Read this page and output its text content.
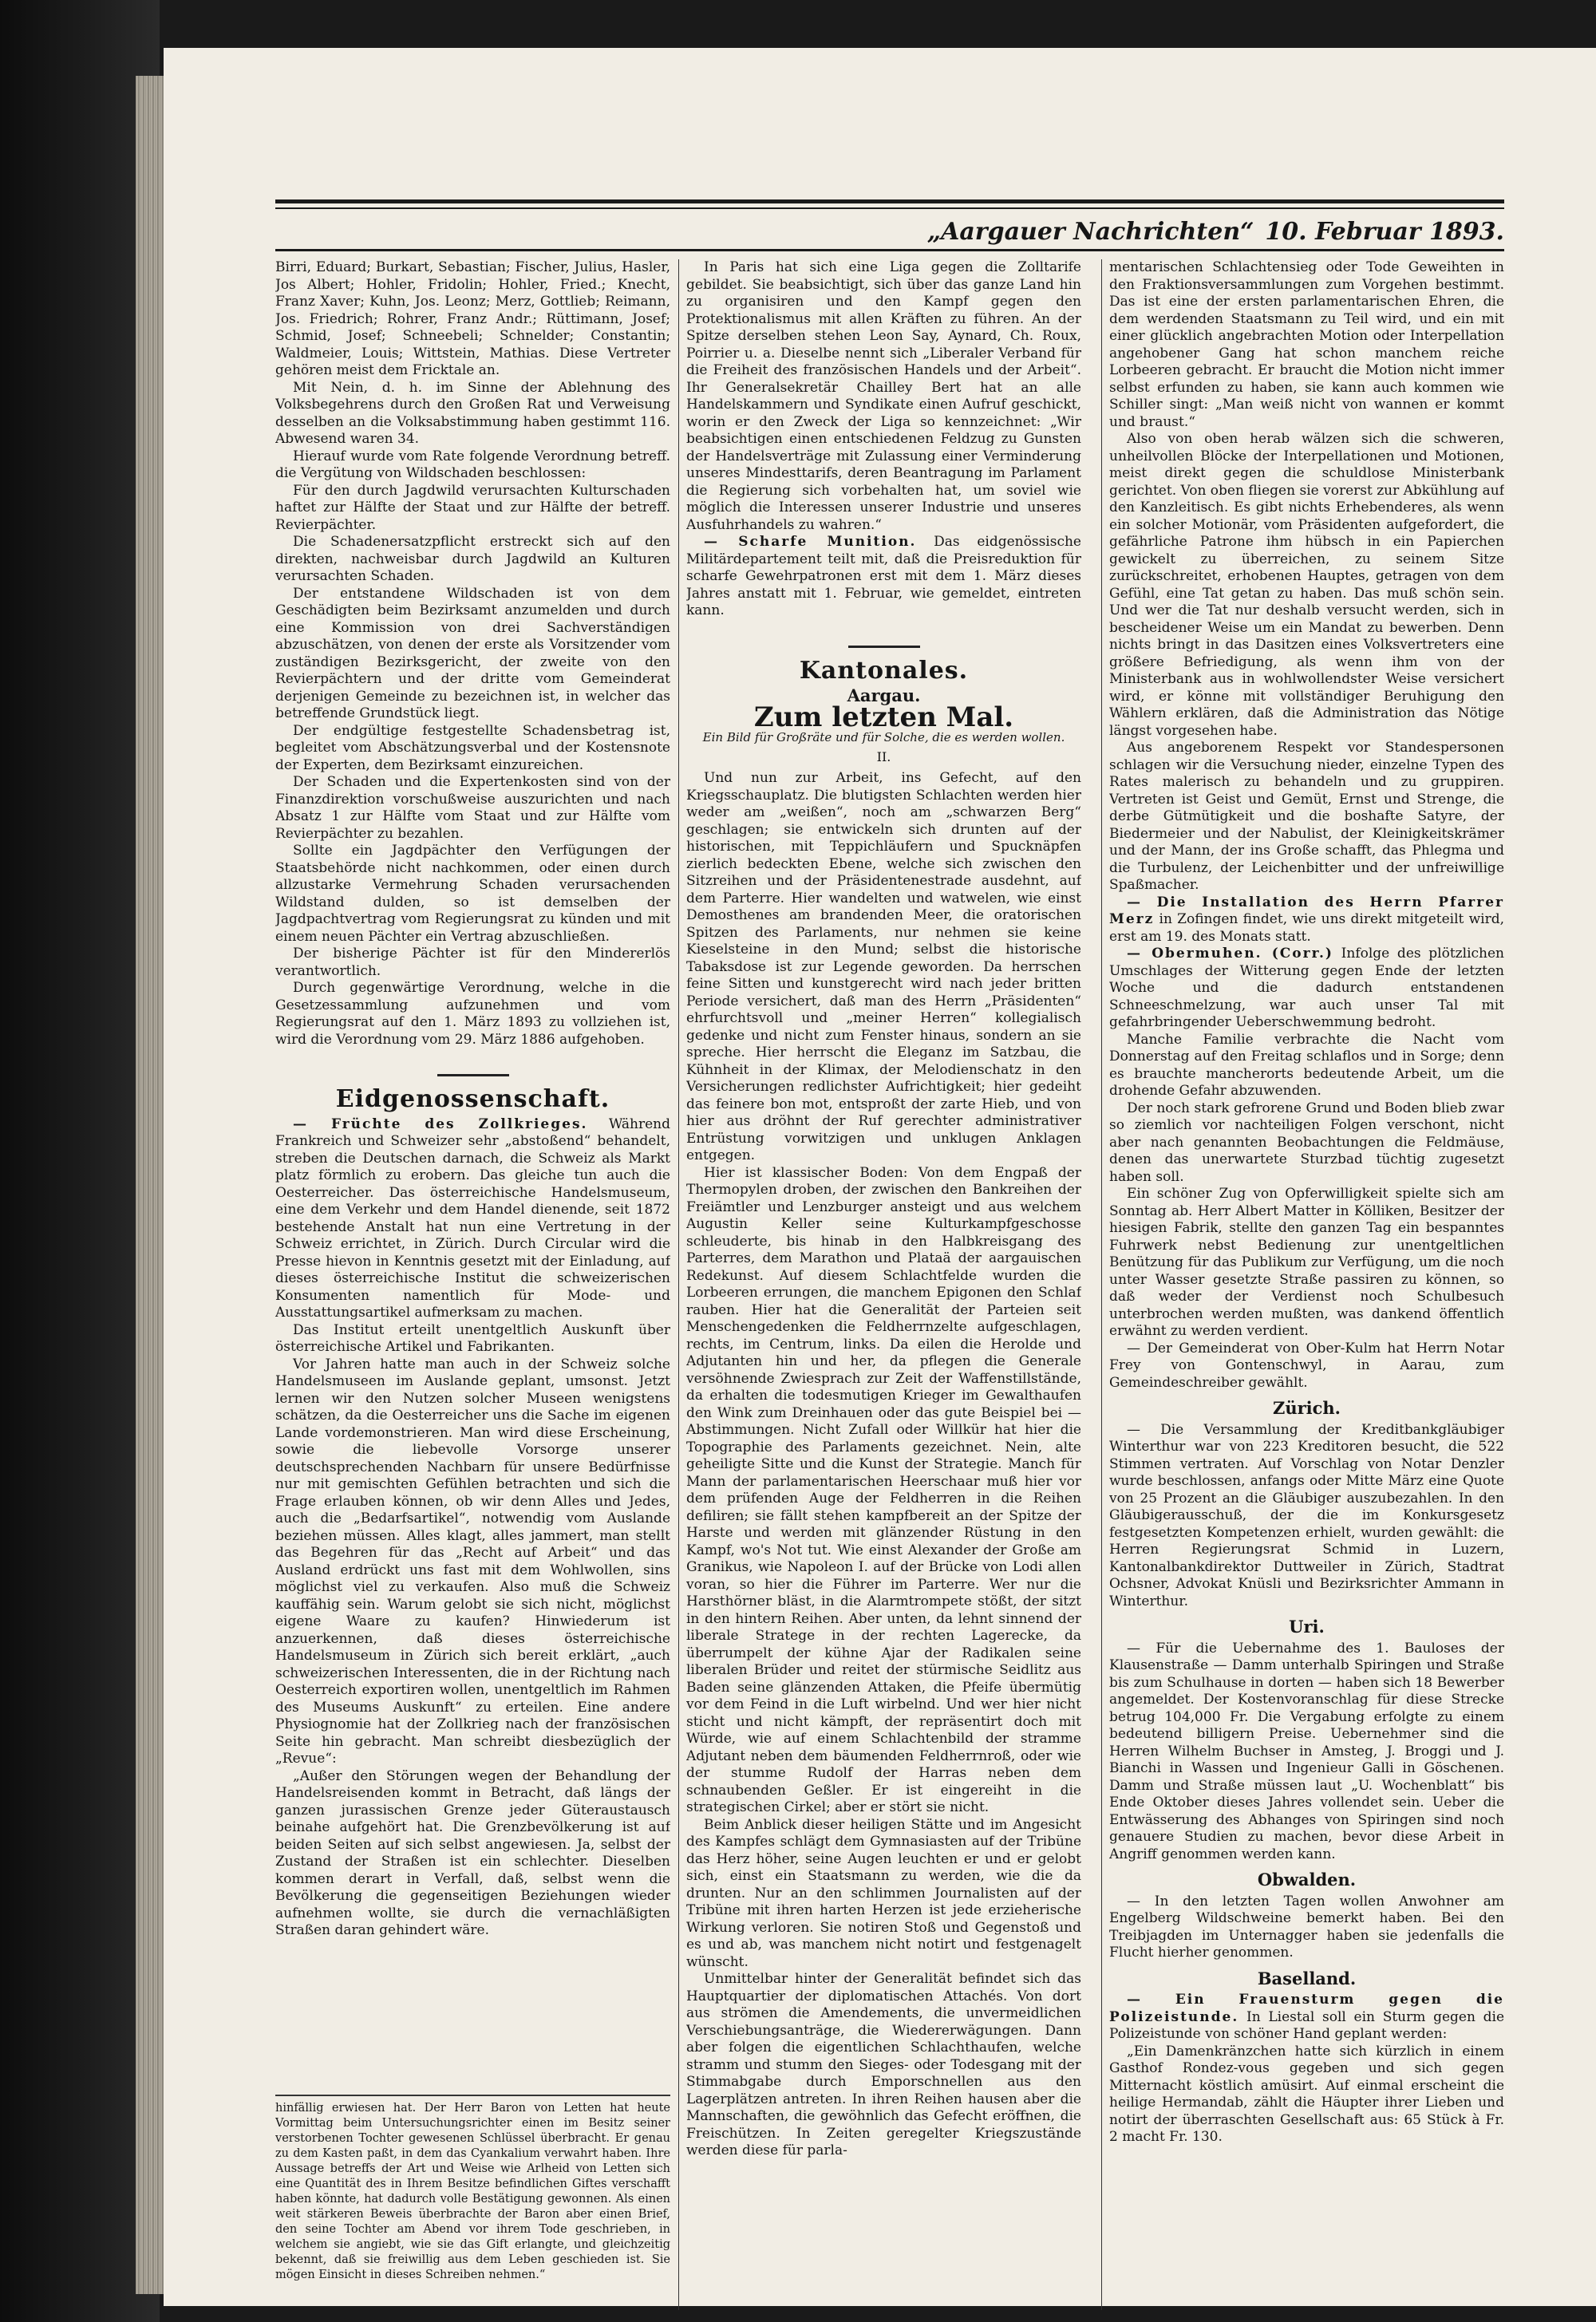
„Aargauer Nachrichten“ 10. Februar 1893.

Birri, Eduard; Burkart, Sebastian; Fischer, Julius, Hasler, Jos Albert; Hohler, Fridolin; Hohler, Fried.; Knecht, Franz Xaver; Kuhn, Jos. Leonz; Merz, Gottlieb; Reimann, Jos. Friedrich; Rohrer, Franz Andr.; Rüttimann, Josef; Schmid, Josef; Schneebeli; Schnelder; Constantin; Waldmeier, Louis; Wittstein, Mathias. Diese Vertreter gehören meist dem Fricktale an.

Mit Nein, d. h. im Sinne der Ablehnung des Volksbegehrens durch den Großen Rat und Verweisung desselben an die Volksabstimmung haben gestimmt 116. Abwesend waren 34.

Hierauf wurde vom Rate folgende Verordnung betreff. die Vergütung von Wildschaden beschlossen:

Für den durch Jagdwild verursachten Kulturschaden haftet zur Hälfte der Staat und zur Hälfte der betreff. Revierpächter.

Die Schadenersatzpflicht erstreckt sich auf den direkten, nachweisbar durch Jagdwild an Kulturen verursachten Schaden.

Der entstandene Wildschaden ist von dem Geschädigten beim Bezirksamt anzumelden und durch eine Kommission von drei Sachverständigen abzuschätzen, von denen der erste als Vorsitzender vom zuständigen Bezirksgericht, der zweite von den Revierpächtern und der dritte vom Gemeinderat derjenigen Gemeinde zu bezeichnen ist, in welcher das betreffende Grundstück liegt.

Der endgültige festgestellte Schadensbetrag ist, begleitet vom Abschätzungsverbal und der Kostensnote der Experten, dem Bezirksamt einzureichen.

Der Schaden und die Expertenkosten sind von der Finanzdirektion vorschußweise auszurichten und nach Absatz 1 zur Hälfte vom Staat und zur Hälfte vom Revierpächter zu bezahlen.

Sollte ein Jagdpächter den Verfügungen der Staatsbehörde nicht nachkommen, oder einen durch allzustarke Vermehrung Schaden verursachenden Wildstand dulden, so ist demselben der Jagdpachtvertrag vom Regierungsrat zu künden und mit einem neuen Pächter ein Vertrag abzuschließen.

Der bisherige Pächter ist für den Mindererlös verantwortlich.

Durch gegenwärtige Verordnung, welche in die Gesetzessammlung aufzunehmen und vom Regierungsrat auf den 1. März 1893 zu vollziehen ist, wird die Verordnung vom 29. März 1886 aufgehoben.

Eidgenossenschaft.

— Früchte des Zollkrieges. Während Frankreich und Schweizer sehr „abstoßend“ behandelt, streben die Deutschen darnach, die Schweiz als Markt platz förmlich zu erobern. Das gleiche tun auch die Oesterreicher. Das österreichische Handelsmuseum, eine dem Verkehr und dem Handel dienende, seit 1872 bestehende Anstalt hat nun eine Vertretung in der Schweiz errichtet, in Zürich. Durch Circular wird die Presse hievon in Kenntnis gesetzt mit der Einladung, auf dieses österreichische Institut die schweizerischen Konsumenten namentlich für Mode- und Ausstattungsartikel aufmerksam zu machen.

Das Institut erteilt unentgeltlich Auskunft über österreichische Artikel und Fabrikanten.

Vor Jahren hatte man auch in der Schweiz solche Handelsmuseen im Auslande geplant, umsonst. Jetzt lernen wir den Nutzen solcher Museen wenigstens schätzen, da die Oesterreicher uns die Sache im eigenen Lande vordemonstrieren. Man wird diese Erscheinung, sowie die liebevolle Vorsorge unserer deutschsprechenden Nachbarn für unsere Bedürfnisse nur mit gemischten Gefühlen betrachten und sich die Frage erlauben können, ob wir denn Alles und Jedes, auch die „Bedarfsartikel“, notwendig vom Auslande beziehen müssen. Alles klagt, alles jammert, man stellt das Begehren für das „Recht auf Arbeit“ und das Ausland erdrückt uns fast mit dem Wohlwollen, sins möglichst viel zu verkaufen. Also muß die Schweiz kauffähig sein. Warum gelobt sie sich nicht, möglichst eigene Waare zu kaufen? Hinwiederum ist anzuerkennen, daß dieses österreichische Handelsmuseum in Zürich sich bereit erklärt, „auch schweizerischen Interessenten, die in der Richtung nach Oesterreich exportiren wollen, unentgeltlich im Rahmen des Museums Auskunft“ zu erteilen. Eine andere Physiognomie hat der Zollkrieg nach der französischen Seite hin gebracht. Man schreibt diesbezüglich der „Revue“:

„Außer den Störungen wegen der Behandlung der Handelsreisenden kommt in Betracht, daß längs der ganzen jurassischen Grenze jeder Güteraustausch beinahe aufgehört hat. Die Grenzbevölkerung ist auf beiden Seiten auf sich selbst angewiesen. Ja, selbst der Zustand der Straßen ist ein schlechter. Dieselben kommen derart in Verfall, daß, selbst wenn die Bevölkerung die gegenseitigen Beziehungen wieder aufnehmen wollte, sie durch die vernachläßigten Straßen daran gehindert wäre.

hinfällig erwiesen hat. Der Herr Baron von Letten hat heute Vormittag beim Untersuchungsrichter einen im Besitz seiner verstorbenen Tochter gewesenen Schlüssel überbracht. Er genau zu dem Kasten paßt, in dem das Cyankalium verwahrt haben. Ihre Aussage betreffs der Art und Weise wie Arlheid von Letten sich eine Quantität des in Ihrem Besitze befindlichen Giftes verschafft haben könnte, hat dadurch volle Bestätigung gewonnen. Als einen weit stärkeren Beweis überbrachte der Baron aber einen Brief, den seine Tochter am Abend vor ihrem Tode geschrieben, in welchem sie angiebt, wie sie das Gift erlangte, und gleichzeitig bekennt, daß sie freiwillig aus dem Leben geschieden ist. Sie mögen Einsicht in dieses Schreiben nehmen.“

In Paris hat sich eine Liga gegen die Zolltarife gebildet. Sie beabsichtigt, sich über das ganze Land hin zu organisiren und den Kampf gegen den Protektionalismus mit allen Kräften zu führen. An der Spitze derselben stehen Leon Say, Aynard, Ch. Roux, Poirrier u. a. Dieselbe nennt sich „Liberaler Verband für die Freiheit des französischen Handels und der Arbeit“. Ihr Generalsekretär Chailley Bert hat an alle Handelskammern und Syndikate einen Aufruf geschickt, worin er den Zweck der Liga so kennzeichnet: „Wir beabsichtigen einen entschiedenen Feldzug zu Gunsten der Handelsverträge mit Zulassung einer Verminderung unseres Mindesttarifs, deren Beantragung im Parlament die Regierung sich vorbehalten hat, um soviel wie möglich die Interessen unserer Industrie und unseres Ausfuhrhandels zu wahren.“

— Scharfe Munition. Das eidgenössische Militärdepartement teilt mit, daß die Preisreduktion für scharfe Gewehrpatronen erst mit dem 1. März dieses Jahres anstatt mit 1. Februar, wie gemeldet, eintreten kann.

Kantonales.
Aargau.
Zum letzten Mal.
Ein Bild für Großräte und für Solche, die es werden wollen.
II.

Und nun zur Arbeit, ins Gefecht, auf den Kriegsschauplatz. Die blutigsten Schlachten werden hier weder am „weißen“, noch am „schwarzen Berg“ geschlagen; sie entwickeln sich drunten auf der historischen, mit Teppichläufern und Spucknäpfen zierlich bedeckten Ebene, welche sich zwischen den Sitzreihen und der Präsidentenestrade ausdehnt, auf dem Parterre. Hier wandelten und watwelen, wie einst Demosthenes am brandenden Meer, die oratorischen Spitzen des Parlaments, nur nehmen sie keine Kieselsteine in den Mund; selbst die historische Tabaksdose ist zur Legende geworden. Da herrschen feine Sitten und kunstgerecht wird nach jeder britten Periode versichert, daß man des Herrn „Präsidenten“ ehrfurchtsvoll und „meiner Herren“ kollegialisch gedenke und nicht zum Fenster hinaus, sondern an sie spreche. Hier herrscht die Eleganz im Satzbau, die Kühnheit in der Klimax, der Melodienschatz in den Versicherungen redlichster Aufrichtigkeit; hier gedeiht das feinere bon mot, entsproßt der zarte Hieb, und von hier aus dröhnt der Ruf gerechter administrativer Entrüstung vorwitzigen und unklugen Anklagen entgegen.

Hier ist klassischer Boden: Von dem Engpaß der Thermopylen droben, der zwischen den Bankreihen der Freiämtler und Lenzburger ansteigt und aus welchem Augustin Keller seine Kulturkampfgeschosse schleuderte, bis hinab in den Halbkreisgang des Parterres, dem Marathon und Plataä der aargauischen Redekunst. Auf diesem Schlachtfelde wurden die Lorbeeren errungen, die manchem Epigonen den Schlaf rauben. Hier hat die Generalität der Parteien seit Menschengedenken die Feldherrnzelte aufgeschlagen, rechts, im Centrum, links. Da eilen die Herolde und Adjutanten hin und her, da pflegen die Generale versöhnende Zwiesprach zur Zeit der Waffenstillstände, da erhalten die todesmutigen Krieger im Gewalthaufen den Wink zum Dreinhauen oder das gute Beispiel bei — Abstimmungen. Nicht Zufall oder Willkür hat hier die Topographie des Parlaments gezeichnet. Nein, alte geheiligte Sitte und die Kunst der Strategie. Manch für Mann der parlamentarischen Heerschaar muß hier vor dem prüfenden Auge der Feldherren in die Reihen defiliren; sie fällt stehen kampfbereit an der Spitze der Harste und werden mit glänzender Rüstung in den Kampf, wo's Not tut. Wie einst Alexander der Große am Granikus, wie Napoleon I. auf der Brücke von Lodi allen voran, so hier die Führer im Parterre. Wer nur die Harsthörner bläst, in die Alarmtrompete stößt, der sitzt in den hintern Reihen. Aber unten, da lehnt sinnend der liberale Stratege in der rechten Lagerecke, da überrumpelt der kühne Ajar der Radikalen seine liberalen Brüder und reitet der stürmische Seidlitz aus Baden seine glänzenden Attaken, die Pfeife übermütig vor dem Feind in die Luft wirbelnd. Und wer hier nicht sticht und nicht kämpft, der repräsentirt doch mit Würde, wie auf einem Schlachtenbild der stramme Adjutant neben dem bäumenden Feldherrnroß, oder wie der stumme Rudolf der Harras neben dem schnaubenden Geßler. Er ist eingereiht in die strategischen Cirkel; aber er stört sie nicht.

Beim Anblick dieser heiligen Stätte und im Angesicht des Kampfes schlägt dem Gymnasiasten auf der Tribüne das Herz höher, seine Augen leuchten er und er gelobt sich, einst ein Staatsmann zu werden, wie die da drunten. Nur an den schlimmen Journalisten auf der Tribüne mit ihren harten Herzen ist jede erzieherische Wirkung verloren. Sie notiren Stoß und Gegenstoß und es und ab, was manchem nicht notirt und festgenagelt wünscht.

Unmittelbar hinter der Generalität befindet sich das Hauptquartier der diplomatischen Attachés. Von dort aus strömen die Amendements, die unvermeidlichen Verschiebungsanträge, die Wiedererwägungen. Dann aber folgen die eigentlichen Schlachthaufen, welche stramm und stumm den Sieges- oder Todesgang mit der Stimmabgabe durch Emporschnellen aus den Lagerplätzen antreten. In ihren Reihen hausen aber die Mannschaften, die gewöhnlich das Gefecht eröffnen, die Freischützen. In Zeiten geregelter Kriegszustände werden diese für parla-

mentarischen Schlachtensieg oder Tode Geweihten in den Fraktionsversammlungen zum Vorgehen bestimmt. Das ist eine der ersten parlamentarischen Ehren, die dem werdenden Staatsmann zu Teil wird, und ein mit einer glücklich angebrachten Motion oder Interpellation angehobener Gang hat schon manchem reiche Lorbeeren gebracht. Er braucht die Motion nicht immer selbst erfunden zu haben, sie kann auch kommen wie Schiller singt: „Man weiß nicht von wannen er kommt und braust.“

Also von oben herab wälzen sich die schweren, unheilvollen Blöcke der Interpellationen und Motionen, meist direkt gegen die schuldlose Ministerbank gerichtet. Von oben fliegen sie vorerst zur Abkühlung auf den Kanzleitisch. Es gibt nichts Erhebenderes, als wenn ein solcher Motionär, vom Präsidenten aufgefordert, die gefährliche Patrone ihm hübsch in ein Papierchen gewickelt zu überreichen, zu seinem Sitze zurückschreitet, erhobenen Hauptes, getragen von dem Gefühl, eine Tat getan zu haben. Das muß schön sein. Und wer die Tat nur deshalb versucht werden, sich in bescheidener Weise um ein Mandat zu bewerben. Denn nichts bringt in das Dasitzen eines Volksvertreters eine größere Befriedigung, als wenn ihm von der Ministerbank aus in wohlwollendster Weise versichert wird, er könne mit vollständiger Beruhigung den Wählern erklären, daß die Administration das Nötige längst vorgesehen habe.

Aus angeborenem Respekt vor Standespersonen schlagen wir die Versuchung nieder, einzelne Typen des Rates malerisch zu behandeln und zu gruppiren. Vertreten ist Geist und Gemüt, Ernst und Strenge, die derbe Gütmütigkeit und die boshafte Satyre, der Biedermeier und der Nabulist, der Kleinigkeitskrämer und der Mann, der ins Große schafft, das Phlegma und die Turbulenz, der Leichenbitter und der unfreiwillige Spaßmacher.

— Die Installation des Herrn Pfarrer Merz in Zofingen findet, wie uns direkt mitgeteilt wird, erst am 19. des Monats statt.

— Obermuhen. (Corr.) Infolge des plötzlichen Umschlages der Witterung gegen Ende der letzten Woche und die dadurch entstandenen Schneeschmelzung, war auch unser Tal mit gefahrbringender Ueberschwemmung bedroht.

Manche Familie verbrachte die Nacht vom Donnerstag auf den Freitag schlaflos und in Sorge; denn es brauchte mancherorts bedeutende Arbeit, um die drohende Gefahr abzuwenden.

Der noch stark gefrorene Grund und Boden blieb zwar so ziemlich vor nachteiligen Folgen verschont, nicht aber nach genannten Beobachtungen die Feldmäuse, denen das unerwartete Sturzbad tüchtig zugesetzt haben soll.

Ein schöner Zug von Opferwilligkeit spielte sich am Sonntag ab. Herr Albert Matter in Kölliken, Besitzer der hiesigen Fabrik, stellte den ganzen Tag ein bespanntes Fuhrwerk nebst Bedienung zur unentgeltlichen Benützung für das Publikum zur Verfügung, um die noch unter Wasser gesetzte Straße passiren zu können, so daß weder der Verdienst noch Schulbesuch unterbrochen werden mußten, was dankend öffentlich erwähnt zu werden verdient.

— Der Gemeinderat von Ober-Kulm hat Herrn Notar Frey von Gontenschwyl, in Aarau, zum Gemeindeschreiber gewählt.

Zürich.

— Die Versammlung der Kreditbankgläubiger Winterthur war von 223 Kreditoren besucht, die 522 Stimmen vertraten. Auf Vorschlag von Notar Denzler wurde beschlossen, anfangs oder Mitte März eine Quote von 25 Prozent an die Gläubiger auszubezahlen. In den Gläubigerausschuß, der die im Konkursgesetz festgesetzten Kompetenzen erhielt, wurden gewählt: die Herren Regierungsrat Schmid in Luzern, Kantonalbankdirektor Duttweiler in Zürich, Stadtrat Ochsner, Advokat Knüsli und Bezirksrichter Ammann in Winterthur.

Uri.

— Für die Uebernahme des 1. Bauloses der Klausenstraße — Damm unterhalb Spiringen und Straße bis zum Schulhause in dorten — haben sich 18 Bewerber angemeldet. Der Kostenvoranschlag für diese Strecke betrug 104,000 Fr. Die Vergabung erfolgte zu einem bedeutend billigern Preise. Uebernehmer sind die Herren Wilhelm Buchser in Amsteg, J. Broggi und J. Bianchi in Wassen und Ingenieur Galli in Göschenen. Damm und Straße müssen laut „U. Wochenblatt“ bis Ende Oktober dieses Jahres vollendet sein. Ueber die Entwässerung des Abhanges von Spiringen sind noch genauere Studien zu machen, bevor diese Arbeit in Angriff genommen werden kann.

Obwalden.

— In den letzten Tagen wollen Anwohner am Engelberg Wildschweine bemerkt haben. Bei den Treibjagden im Unternagger haben sie jedenfalls die Flucht hierher genommen.

Baselland.

— Ein Frauensturm gegen die Polizeistunde. In Liestal soll ein Sturm gegen die Polizeistunde von schöner Hand geplant werden:

„Ein Damenkränzchen hatte sich kürzlich in einem Gasthof Rondez-vous gegeben und sich gegen Mitternacht köstlich amüsirt. Auf einmal erscheint die heilige Hermandab, zählt die Häupter ihrer Lieben und notirt der überraschten Gesellschaft aus: 65 Stück à Fr. 2 macht Fr. 130.
